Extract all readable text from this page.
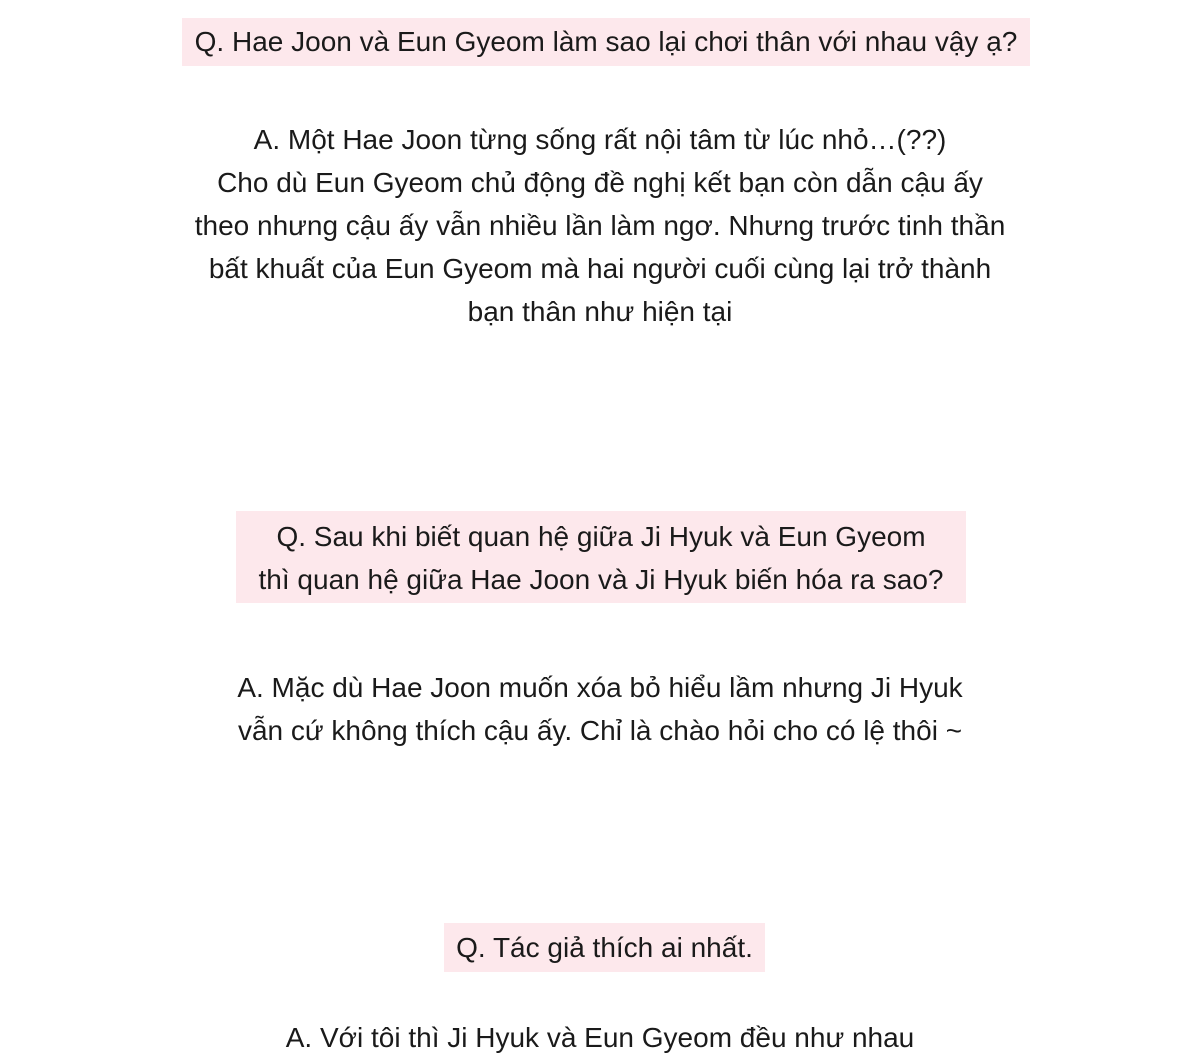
Q. Hae Joon và Eun Gyeom làm sao lại chơi thân với nhau vậy ạ?
A. Một Hae Joon từng sống rất nội tâm từ lúc nhỏ…(??)
Cho dù Eun Gyeom chủ động đề nghị kết bạn còn dẫn cậu ấy
theo nhưng cậu ấy vẫn nhiều lần làm ngơ. Nhưng trước tinh thần
bất khuất của Eun Gyeom mà hai người cuối cùng lại trở thành
bạn thân như hiện tại
Q. Sau khi biết quan hệ giữa Ji Hyuk và Eun Gyeom
thì quan hệ giữa Hae Joon và Ji Hyuk biến hóa ra sao?
A. Mặc dù Hae Joon muốn xóa bỏ hiểu lầm nhưng Ji Hyuk
vẫn cứ không thích cậu ấy. Chỉ là chào hỏi cho có lệ thôi ~
Q. Tác giả thích ai nhất.
A. Với tôi thì Ji Hyuk và Eun Gyeom đều như nhau
